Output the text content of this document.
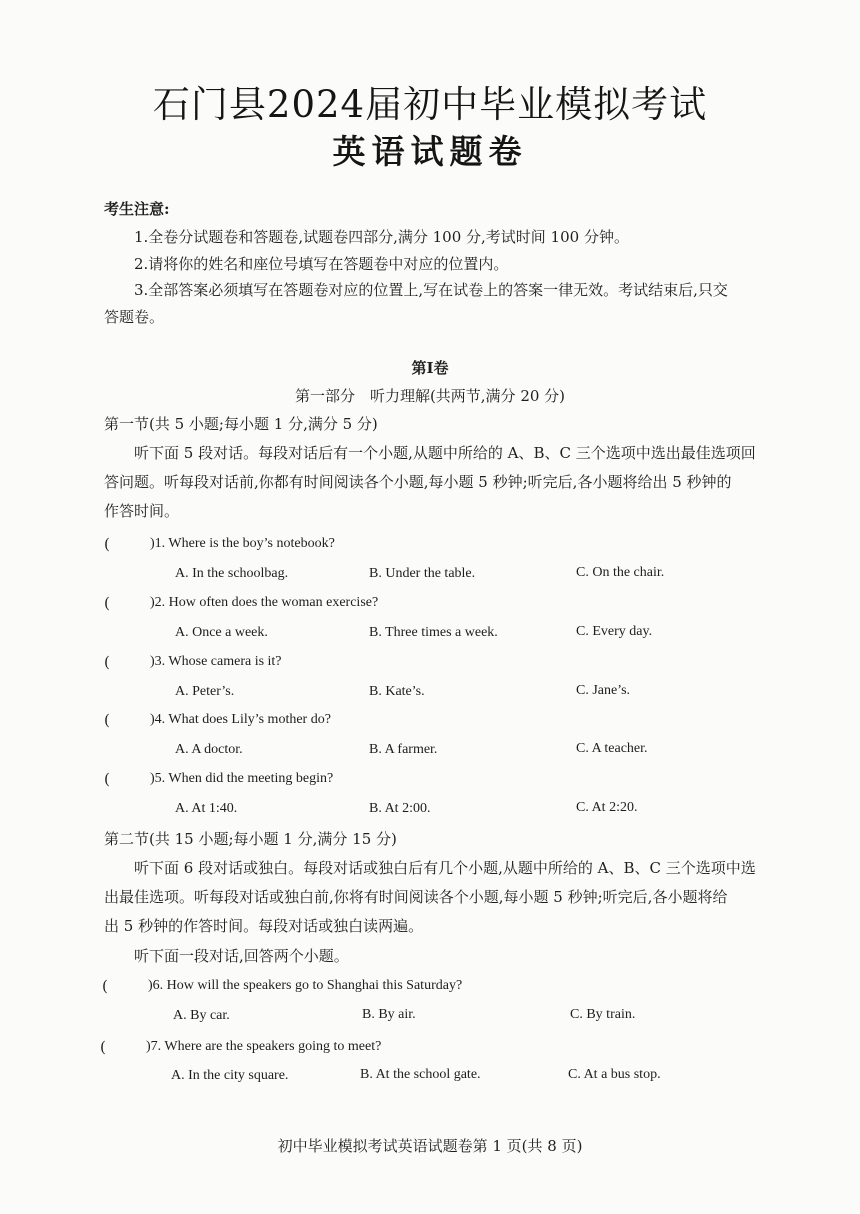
石门县2024届初中毕业模拟考试
英语试题卷
考生注意:
1.全卷分试题卷和答题卷,试题卷四部分,满分 100 分,考试时间 100 分钟。
2.请将你的姓名和座位号填写在答题卷中对应的位置内。
3.全部答案必须填写在答题卷对应的位置上,写在试卷上的答案一律无效。考试结束后,只交
答题卷。
第Ⅰ卷
第一部分　听力理解(共两节,满分 20 分)
第一节(共 5 小题;每小题 1 分,满分 5 分)
听下面 5 段对话。每段对话后有一个小题,从题中所给的 A、B、C 三个选项中选出最佳选项回
答问题。听每段对话前,你都有时间阅读各个小题,每小题 5 秒钟;听完后,各小题将给出 5 秒钟的
作答时间。
(	)1. Where is the boy’s notebook?
A. In the schoolbag.	B. Under the table.	C. On the chair.
(	)2. How often does the woman exercise?
A. Once a week.	B. Three times a week.	C. Every day.
(	)3. Whose camera is it?
A. Peter’s.	B. Kate’s.	C. Jane’s.
(	)4. What does Lily’s mother do?
A. A doctor.	B. A farmer.	C. A teacher.
(	)5. When did the meeting begin?
A. At 1:40.	B. At 2:00.	C. At 2:20.
第二节(共 15 小题;每小题 1 分,满分 15 分)
听下面 6 段对话或独白。每段对话或独白后有几个小题,从题中所给的 A、B、C 三个选项中选
出最佳选项。听每段对话或独白前,你将有时间阅读各个小题,每小题 5 秒钟;听完后,各小题将给
出 5 秒钟的作答时间。每段对话或独白读两遍。
听下面一段对话,回答两个小题。
(	)6. How will the speakers go to Shanghai this Saturday?
A. By car.	B. By air.	C. By train.
(	)7. Where are the speakers going to meet?
A. In the city square.	B. At the school gate.	C. At a bus stop.
初中毕业模拟考试英语试题卷第 1 页(共 8 页)
